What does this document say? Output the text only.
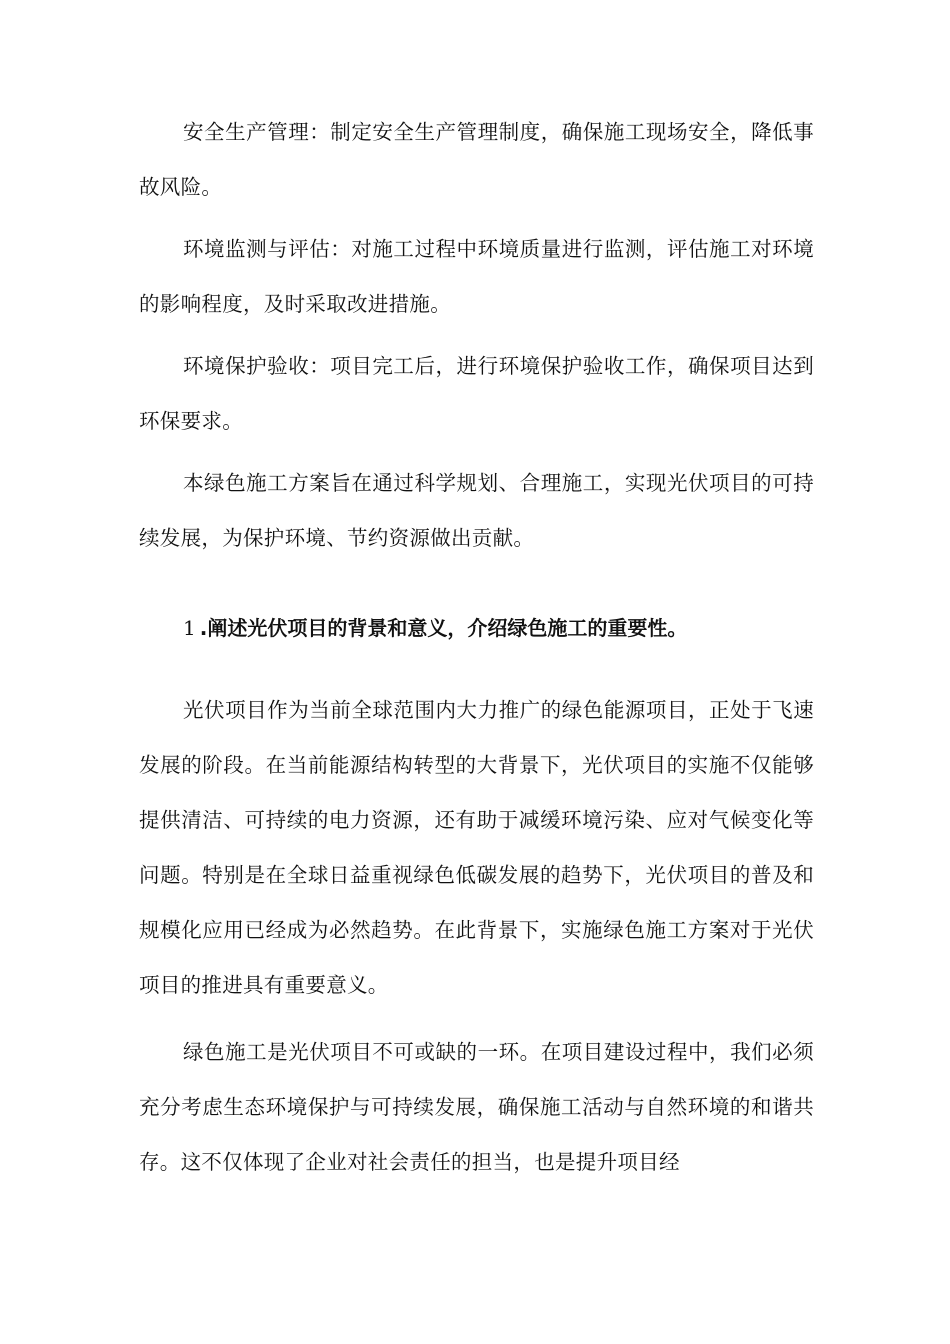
安全生产管理：制定安全生产管理制度，确保施工现场安全，降低事故风险。

环境监测与评估：对施工过程中环境质量进行监测，评估施工对环境的影响程度，及时采取改进措施。

环境保护验收：项目完工后，进行环境保护验收工作，确保项目达到环保要求。

本绿色施工方案旨在通过科学规划、合理施工，实现光伏项目的可持续发展，为保护环境、节约资源做出贡献。

1 .阐述光伏项目的背景和意义，介绍绿色施工的重要性。

光伏项目作为当前全球范围内大力推广的绿色能源项目，正处于飞速发展的阶段。在当前能源结构转型的大背景下，光伏项目的实施不仅能够提供清洁、可持续的电力资源，还有助于减缓环境污染、应对气候变化等问题。特别是在全球日益重视绿色低碳发展的趋势下，光伏项目的普及和规模化应用已经成为必然趋势。在此背景下，实施绿色施工方案对于光伏项目的推进具有重要意义。

绿色施工是光伏项目不可或缺的一环。在项目建设过程中，我们必须充分考虑生态环境保护与可持续发展，确保施工活动与自然环境的和谐共存。这不仅体现了企业对社会责任的担当，也是提升项目经
